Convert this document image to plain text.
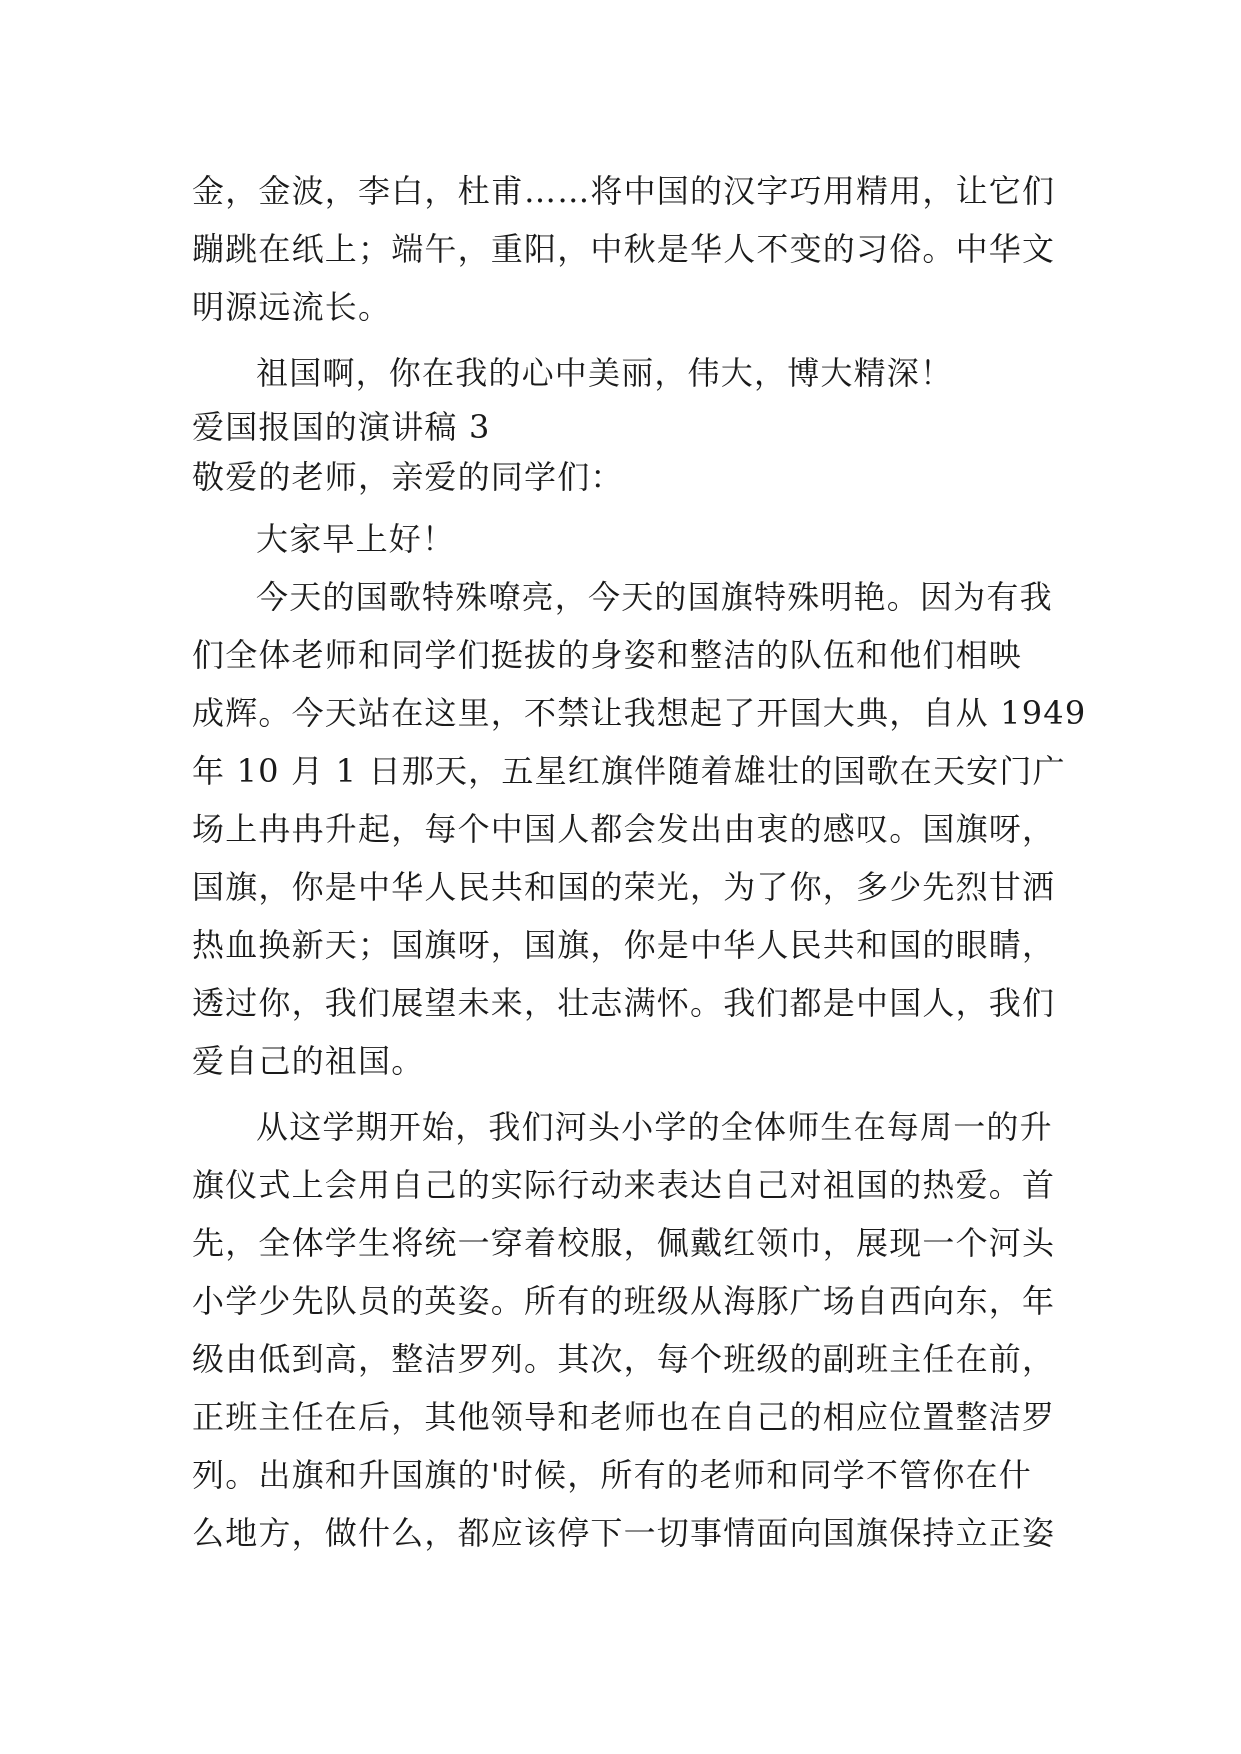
金，金波，李白，杜甫……将中国的汉字巧用精用，让它们
蹦跳在纸上；端午，重阳，中秋是华人不变的习俗。中华文
明源远流长。
祖国啊，你在我的心中美丽，伟大，博大精深！
爱国报国的演讲稿 3
敬爱的老师，亲爱的同学们：
大家早上好！
今天的国歌特殊嘹亮，今天的国旗特殊明艳。因为有我
们全体老师和同学们挺拔的身姿和整洁的队伍和他们相映
成辉。今天站在这里，不禁让我想起了开国大典，自从 1949
年 10 月 1 日那天，五星红旗伴随着雄壮的国歌在天安门广
场上冉冉升起，每个中国人都会发出由衷的感叹。国旗呀，
国旗，你是中华人民共和国的荣光，为了你，多少先烈甘洒
热血换新天；国旗呀，国旗，你是中华人民共和国的眼睛，
透过你，我们展望未来，壮志满怀。我们都是中国人，我们
爱自己的祖国。
从这学期开始，我们河头小学的全体师生在每周一的升
旗仪式上会用自己的实际行动来表达自己对祖国的热爱。首
先，全体学生将统一穿着校服，佩戴红领巾，展现一个河头
小学少先队员的英姿。所有的班级从海豚广场自西向东，年
级由低到高，整洁罗列。其次，每个班级的副班主任在前，
正班主任在后，其他领导和老师也在自己的相应位置整洁罗
列。出旗和升国旗的'时候，所有的老师和同学不管你在什
么地方，做什么，都应该停下一切事情面向国旗保持立正姿
